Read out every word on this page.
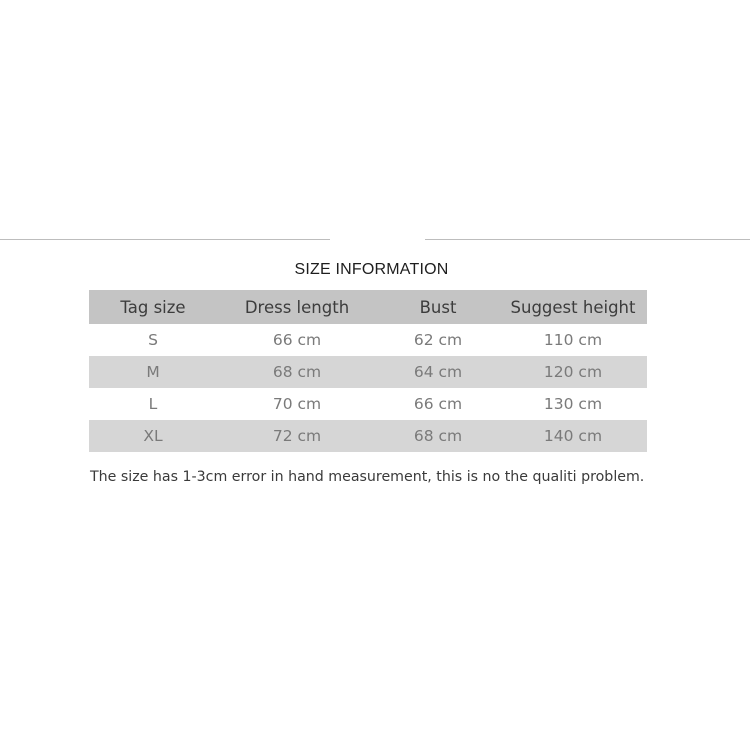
SIZE INFORMATION
Tag size	Dress length	Bust	Suggest height
S	66 cm	62 cm	110 cm
M	68 cm	64 cm	120 cm
L	70 cm	66 cm	130 cm
XL	72 cm	68 cm	140 cm
The size has 1-3cm error in hand measurement, this is no the qualiti problem.
